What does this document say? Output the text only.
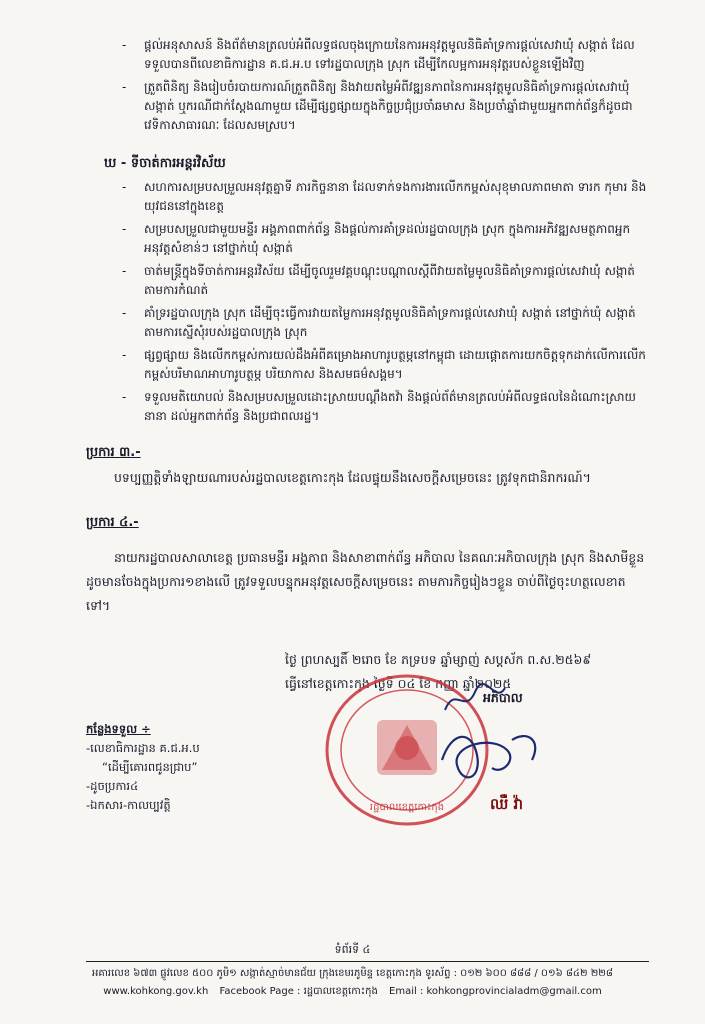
- ផ្តល់អនុសាសន៍ និងព័ត៌មានត្រលប់អំពីលទ្ធផលចុងក្រោយនៃការអនុវត្តមូលនិធិគាំទ្រការផ្តល់សេវាឃុំ សង្កាត់ ដែលទទួលបានពីលេខាធិការដ្ឋាន គ.ជ.អ.ប ទៅរដ្ឋបាលក្រុង ស្រុក ដើម្បីកែលម្អការអនុវត្តរបស់ខ្លួនឡើងវិញ
- ត្រួតពិនិត្យ និងរៀបចំរបាយការណ៍ត្រួតពិនិត្យ និងវាយតម្លៃអំពីវឌ្ឍនភាពនៃការអនុវត្តមូលនិធិគាំទ្រការផ្តល់សេវាឃុំ សង្កាត់ ឬករណីជាក់ស្តែងណាមួយ ដើម្បីផ្សព្វផ្សាយក្នុងកិច្ចប្រជុំប្រចាំឆមាស និងប្រចាំឆ្នាំជាមួយអ្នកពាក់ព័ន្ធក៏ដូចជា វេទិកាសាធារណៈ ដែលសមស្រប។
ឃ - ទីចាត់ការអន្តរវិស័យ
- សហការសម្របសម្រួលអនុវត្តគ្នាទី ភារកិច្ចនានា ដែលទាក់ទងការងារលើកកម្ពស់សុខុមាលភាពមាតា ទារក កុមារ និងយុវជននៅក្នុងខេត្ត
- សម្របសម្រួលជាមួយមន្ទីរ អង្គភាពពាក់ព័ន្ធ និងផ្តល់ការគាំទ្រដល់រដ្ឋបាលក្រុង ស្រុក ក្នុងការអភិវឌ្ឍសមត្ថភាពអ្នកអនុវត្តសំខាន់ៗ នៅថ្នាក់ឃុំ សង្កាត់
- ចាត់មន្ត្រីក្នុងទីចាត់ការអន្តរវិស័យ ដើម្បីចូលរួមវគ្គបណ្តុះបណ្តាលស្តីពីវាយតម្លៃមូលនិធិគាំទ្រការផ្តល់សេវាឃុំ សង្កាត់ តាមការកំណត់
- គាំទ្ររដ្ឋបាលក្រុង ស្រុក ដើម្បីចុះធ្វើការវាយតម្លៃការអនុវត្តមូលនិធិគាំទ្រការផ្តល់សេវាឃុំ សង្កាត់ នៅថ្នាក់ឃុំ សង្កាត់ តាមការស្នើសុំរបស់រដ្ឋបាលក្រុង ស្រុក
- ផ្សព្វផ្សាយ និងលើកកម្ពស់ការយល់ដឹងអំពីគម្រោងអាហារូបត្ថម្ភនៅកម្ពុជា ដោយផ្តោតការយកចិត្តទុកដាក់លើការលើកកម្ពស់បរិមាណអាហារូបត្ថម្ភ បរិយាកាស និងសមធម៌សង្គម។
- ទទួលមតិយោបល់ និងសម្របសម្រួលដោះស្រាយបណ្តឹងតវ៉ា និងផ្តល់ព័ត៌មានត្រលប់អំពីលទ្ធផលនៃដំណោះស្រាយនានា ដល់អ្នកពាក់ព័ន្ធ និងប្រជាពលរដ្ឋ។
ប្រការ ៣.-
បទប្បញ្ញត្តិទាំងឡាយណារបស់រដ្ឋបាលខេត្តកោះកុង ដែលផ្ទុយនឹងសេចក្តីសម្រេចនេះ ត្រូវទុកជានិរាករណ៍។
ប្រការ ៤.-
នាយករដ្ឋបាលសាលាខេត្ត ប្រធានមន្ទីរ អង្គភាព និងសាខាពាក់ព័ន្ធ អភិបាល នៃគណៈអភិបាលក្រុង ស្រុក និងសាមីខ្លួនដូចមានចែងក្នុងប្រការ១ខាងលើ ត្រូវទទួលបន្ទុកអនុវត្តសេចក្តីសម្រេចនេះ តាមភារកិច្ចរៀងៗខ្លួន ចាប់ពីថ្ងៃចុះហត្ថលេខាតទៅ។
ថ្ងៃ ព្រហស្បតិ៍ ២រោច ខែ ភទ្របទ ឆ្នាំម្សាញ់ សប្តស័ក ព.ស.២៥៦៩
ធ្វើនៅខេត្តកោះកុង ថ្ងៃទី ០៤ ខែ កញ្ញា ឆ្នាំ២០២៥
រដ្ឋបាលខេត្តកោះកុង
អភិបាល
ឈឺ វ៉ា
កន្លែងទទួល ÷
-លេខាធិការដ្ឋាន គ.ជ.អ.ប
“ដើម្បីគោរពជូនជ្រាប”
-ដូចប្រការ៤
-ឯកសារ-កាលប្បវត្តិ
ទំព័រទី ៤
អគារលេខ ៦៧៣ ផ្លូវលេខ ៥០០ ភូមិ១ សង្កាត់ស្មាច់មានជ័យ ក្រុងខេមរភូមិន្ទ ខេត្តកោះកុង ទូរស័ព្ទ : ០១២ ៦០០ ៨៨៨ / ០១៦ ៨៤២ ២២៨
www.kohkong.gov.kh Facebook Page : រដ្ឋបាលខេត្តកោះកុង Email : kohkongprovincialadm@gmail.com
